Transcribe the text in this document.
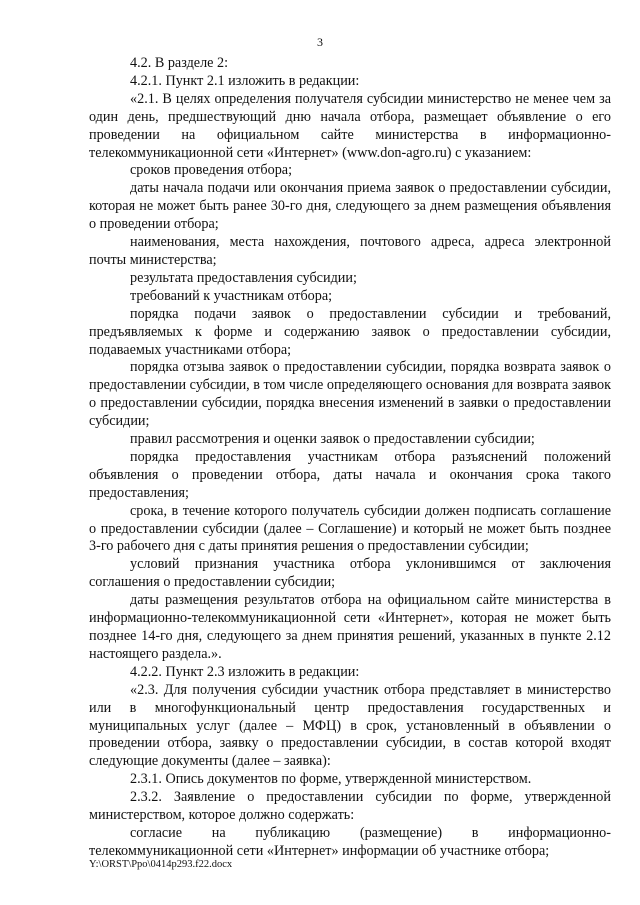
3

4.2. В разделе 2:

4.2.1. Пункт 2.1 изложить в редакции:

«2.1. В целях определения получателя субсидии министерство не менее чем за один день, предшествующий дню начала отбора, размещает объявление о его проведении на официальном сайте министерства в информационно-телекоммуникационной сети «Интернет» (www.don-agro.ru) с указанием:

сроков проведения отбора;

даты начала подачи или окончания приема заявок о предоставлении субсидии, которая не может быть ранее 30-го дня, следующего за днем размещения объявления о проведении отбора;

наименования, места нахождения, почтового адреса, адреса электронной почты министерства;

результата предоставления субсидии;

требований к участникам отбора;

порядка подачи заявок о предоставлении субсидии и требований, предъявляемых к форме и содержанию заявок о предоставлении субсидии, подаваемых участниками отбора;

порядка отзыва заявок о предоставлении субсидии, порядка возврата заявок о предоставлении субсидии, в том числе определяющего основания для возврата заявок о предоставлении субсидии, порядка внесения изменений в заявки о предоставлении субсидии;

правил рассмотрения и оценки заявок о предоставлении субсидии;

порядка предоставления участникам отбора разъяснений положений объявления о проведении отбора, даты начала и окончания срока такого предоставления;

срока, в течение которого получатель субсидии должен подписать соглашение о предоставлении субсидии (далее – Соглашение) и который не может быть позднее 3-го рабочего дня с даты принятия решения о предоставлении субсидии;

условий признания участника отбора уклонившимся от заключения соглашения о предоставлении субсидии;

даты размещения результатов отбора на официальном сайте министерства в информационно-телекоммуникационной сети «Интернет», которая не может быть позднее 14-го дня, следующего за днем принятия решений, указанных в пункте 2.12 настоящего раздела.».

4.2.2. Пункт 2.3 изложить в редакции:

«2.3. Для получения субсидии участник отбора представляет в министерство или в многофункциональный центр предоставления государственных и муниципальных услуг (далее – МФЦ) в срок, установленный в объявлении о проведении отбора, заявку о предоставлении субсидии, в состав которой входят следующие документы (далее – заявка):

2.3.1. Опись документов по форме, утвержденной министерством.

2.3.2. Заявление о предоставлении субсидии по форме, утвержденной министерством, которое должно содержать:

согласие на публикацию (размещение) в информационно-телекоммуникационной сети «Интернет» информации об участнике отбора;

Y:\ORST\Ppo\0414p293.f22.docx
